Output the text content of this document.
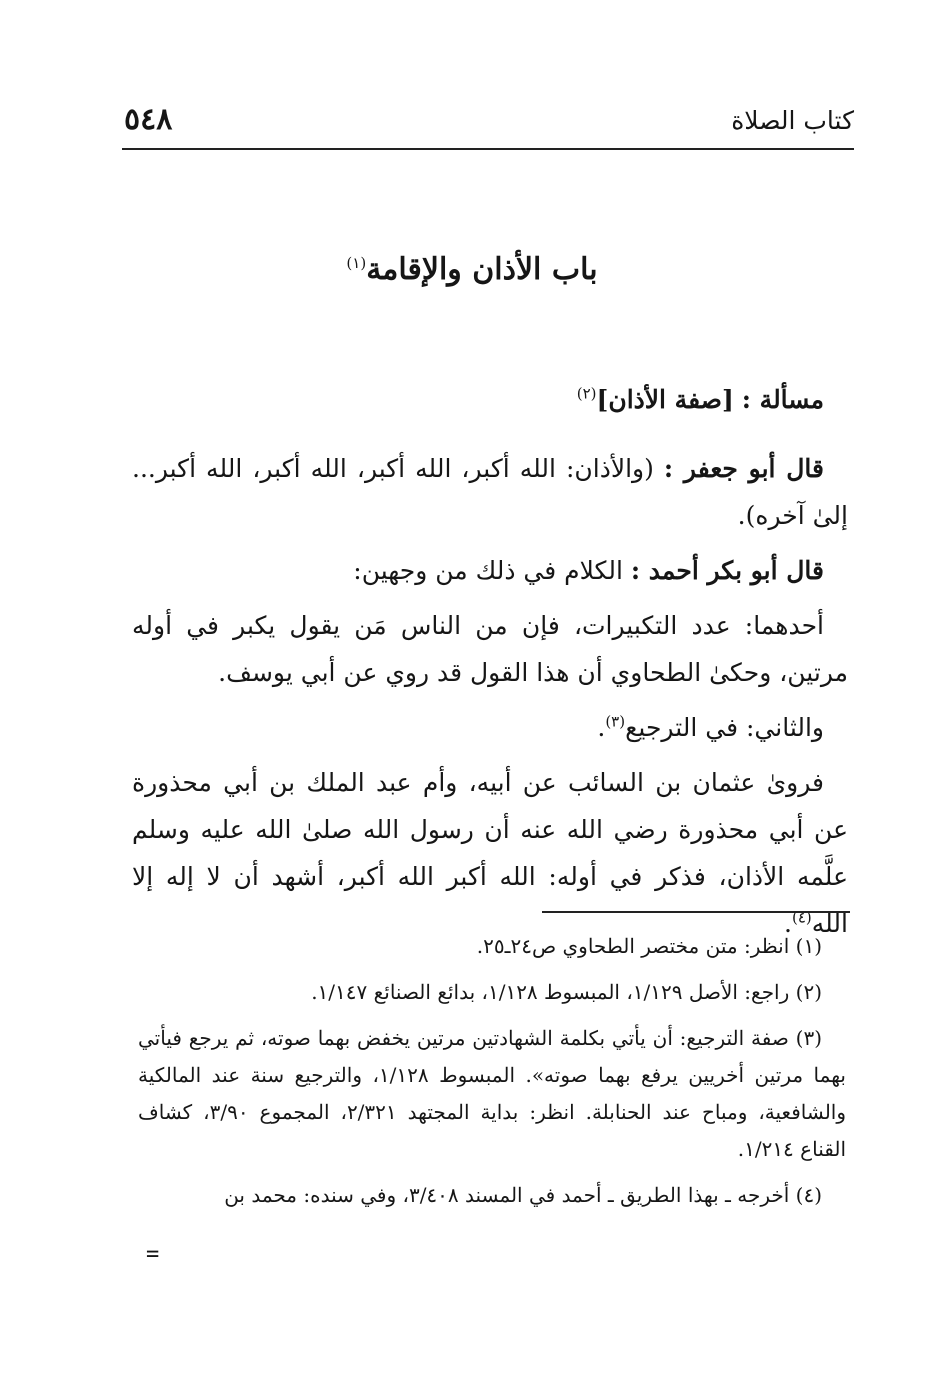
كتاب الصلاة
٥٤٨
باب الأذان والإقامة$^{(١)}$

مسألة : [صفة الأذان]$^{(٢)}$

قال أبو جعفر : (والأذان: الله أكبر، الله أكبر، الله أكبر، الله أكبر... إلىٰ آخره).

قال أبو بكر أحمد : الكلام في ذلك من وجهين:

أحدهما: عدد التكبيرات، فإن من الناس مَن يقول يكبر في أوله مرتين، وحكىٰ الطحاوي أن هذا القول قد روي عن أبي يوسف.

والثاني: في الترجيع$^{(٣)}$.

فروىٰ عثمان بن السائب عن أبيه، وأم عبد الملك بن أبي محذورة عن أبي محذورة رضي الله عنه أن رسول الله صلىٰ الله عليه وسلم علَّمه الأذان، فذكر في أوله: الله أكبر الله أكبر، أشهد أن لا إله إلا الله$^{(٤)}$.

(١) انظر: متن مختصر الطحاوي ص٢٤ـ٢٥.

(٢) راجع: الأصل ١/١٢٩، المبسوط ١/١٢٨، بدائع الصنائع ١/١٤٧.

(٣) صفة الترجيع: أن يأتي بكلمة الشهادتين مرتين يخفض بهما صوته، ثم يرجع فيأتي بهما مرتين أخريين يرفع بهما صوته». المبسوط ١/١٢٨، والترجيع سنة عند المالكية والشافعية، ومباح عند الحنابلة. انظر: بداية المجتهد ٢/٣٢١، المجموع ٣/٩٠، كشاف القناع ١/٢١٤.

(٤) أخرجه ـ بهذا الطريق ـ أحمد في المسند ٣/٤٠٨، وفي سنده: محمد بن

=
